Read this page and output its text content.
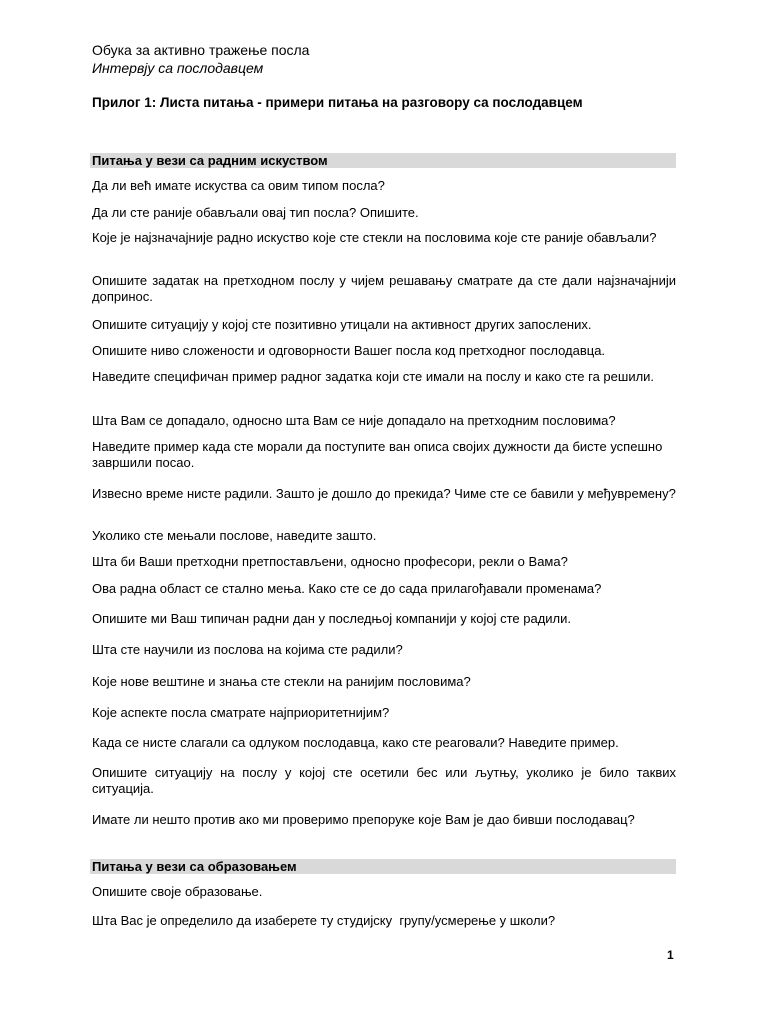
Обука за активно тражење посла

Интервју са послодавцем

Прилог 1: Листа питања - примери питања на разговору са послодавцем

Питања у вези са радним искуством

Да ли већ имате искуства са овим типом посла?

Да ли сте раније обављали овај тип посла? Опишите.

Које је најзначајније радно искуство које сте стекли на пословима које сте раније обављали?

Опишите задатак на претходном послу у чијем решавању сматрате да сте дали најзначајнији допринос.

Опишите ситуацију у којој сте позитивно утицали на активност других запослених.

Опишите ниво сложености и одговорности Вашег посла код претходног послодавца.

Наведите специфичан пример радног задатка који сте имали на послу и како сте га решили.

Шта Вам се допадало, односно шта Вам се није допадало на претходним пословима?

Наведите пример када сте морали да поступите ван описа својих дужности да бисте успешно завршили посао.

Извесно време нисте радили. Зашто је дошло до прекида? Чиме сте се бавили у међувремену?

Уколико сте мењали послове, наведите зашто.

Шта би Ваши претходни претпостављени, односно професори, рекли о Вама?

Ова радна област се стално мења. Како сте се до сада прилагођавали променама?

Опишите ми Ваш типичан радни дан у последњој компанији у којој сте радили.

Шта сте научили из послова на којима сте радили?

Које нове вештине и знања сте стекли на ранијим пословима?

Које аспекте посла сматрате најприоритетнијим?

Када се нисте слагали са одлуком послодавца, како сте реаговали? Наведите пример.

Опишите ситуацију на послу у којој сте осетили бес или љутњу, уколико је било таквих ситуација.

Имате ли нешто против ако ми проверимо препоруке које Вам је дао бивши послодавац?

Питања у вези са образовањем

Опишите своје образовање.

Шта Вас је определило да изаберете ту студијску  групу/усмерење у школи?

1
